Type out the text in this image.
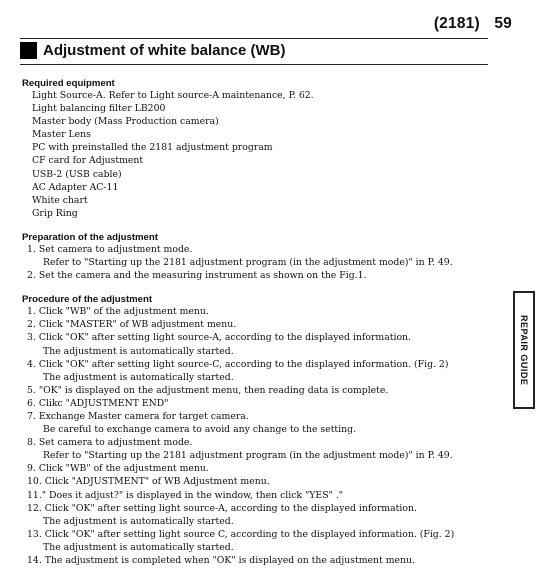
(2181) 59
Adjustment of white balance (WB)
Required equipment
Light Source-A. Refer to Light source-A maintenance, P. 62.
Light balancing filter LB200
Master body (Mass Production camera)
Master Lens
PC with preinstalled the 2181 adjustment program
CF card for Adjustment
USB-2 (USB cable)
AC Adapter AC-11
White chart
Grip Ring
Preparation of the adjustment
1. Set camera to adjustment mode.
Refer to "Starting up the 2181 adjustment program (in the adjustment mode)" in P. 49.
2. Set the camera and the measuring instrument as shown on the Fig.1.
Procedure of the adjustment
1. Click "WB" of the adjustment menu.
2. Click "MASTER" of WB adjustment menu.
3. Click "OK" after setting light source-A, according to the displayed information.
The adjustment is automatically started.
4. Click "OK" after setting light source-C, according to the displayed information. (Fig. 2)
The adjustment is automatically started.
5. "OK" is displayed on the adjustment menu, then reading data is complete.
6. Clikc "ADJUSTMENT END"
7. Exchange Master camera for target camera.
Be careful to exchange camera to avoid any change to the setting.
8. Set camera to adjustment mode.
Refer to "Starting up the 2181 adjustment program (in the adjustment mode)" in P. 49.
9. Click "WB" of the adjustment menu.
10. Click "ADJUSTMENT" of WB Adjustment menu.
11." Does it adjust?" is displayed in the window, then click "YES" ."
12. Click "OK" after setting light source-A, according to the displayed information.
The adjustment is automatically started.
13. Click "OK" after setting light source C, according to the displayed information. (Fig. 2)
The adjustment is automatically started.
14. The adjustment is completed when "OK" is displayed on the adjustment menu.
REPAIR GUIDE
